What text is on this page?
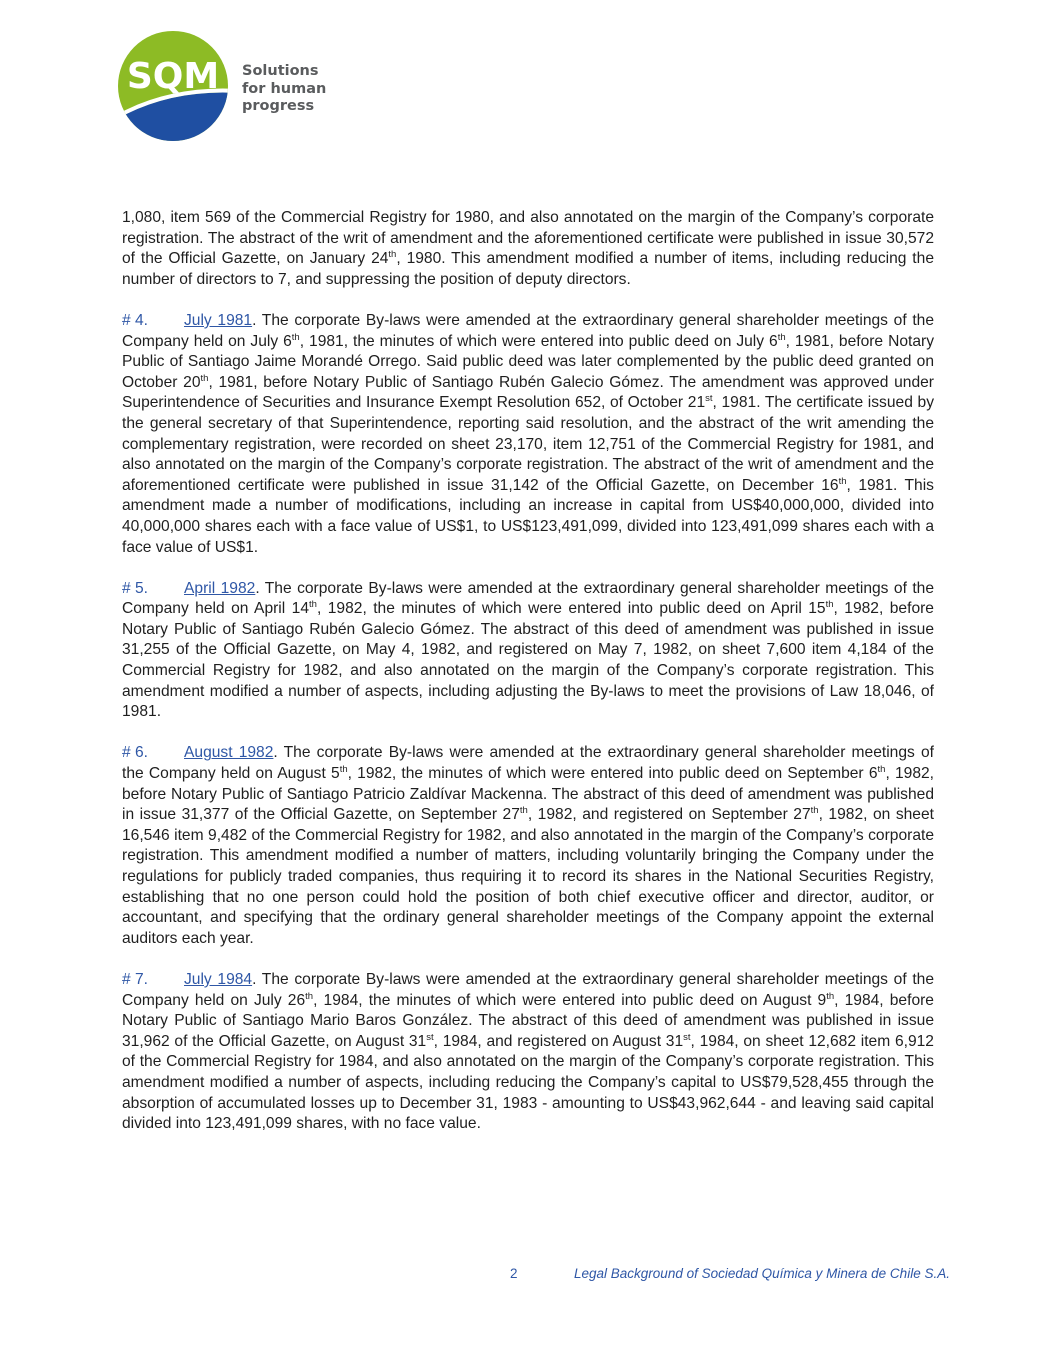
SQM Solutions
for human
progress

1,080, item 569 of the Commercial Registry for 1980, and also annotated on the margin of the Company’s corporate registration. The abstract of the writ of amendment and the aforementioned certificate were published in issue 30,572 of the Official Gazette, on January 24th, 1980. This amendment modified a number of items, including reducing the number of directors to 7, and suppressing the position of deputy directors.

# 4. July 1981. The corporate By-laws were amended at the extraordinary general shareholder meetings of the Company held on July 6th, 1981, the minutes of which were entered into public deed on July 6th, 1981, before Notary Public of Santiago Jaime Morandé Orrego. Said public deed was later complemented by the public deed granted on October 20th, 1981, before Notary Public of Santiago Rubén Galecio Gómez. The amendment was approved under Superintendence of Securities and Insurance Exempt Resolution 652, of October 21st, 1981. The certificate issued by the general secretary of that Superintendence, reporting said resolution, and the abstract of the writ amending the complementary registration, were recorded on sheet 23,170, item 12,751 of the Commercial Registry for 1981, and also annotated on the margin of the Company’s corporate registration. The abstract of the writ of amendment and the aforementioned certificate were published in issue 31,142 of the Official Gazette, on December 16th, 1981. This amendment made a number of modifications, including an increase in capital from US$40,000,000, divided into 40,000,000 shares each with a face value of US$1, to US$123,491,099, divided into 123,491,099 shares each with a face value of US$1.

# 5. April 1982. The corporate By-laws were amended at the extraordinary general shareholder meetings of the Company held on April 14th, 1982, the minutes of which were entered into public deed on April 15th, 1982, before Notary Public of Santiago Rubén Galecio Gómez. The abstract of this deed of amendment was published in issue 31,255 of the Official Gazette, on May 4, 1982, and registered on May 7, 1982, on sheet 7,600 item 4,184 of the Commercial Registry for 1982, and also annotated on the margin of the Company’s corporate registration. This amendment modified a number of aspects, including adjusting the By-laws to meet the provisions of Law 18,046, of 1981.

# 6. August 1982. The corporate By-laws were amended at the extraordinary general shareholder meetings of the Company held on August 5th, 1982, the minutes of which were entered into public deed on September 6th, 1982, before Notary Public of Santiago Patricio Zaldívar Mackenna. The abstract of this deed of amendment was published in issue 31,377 of the Official Gazette, on September 27th, 1982, and registered on September 27th, 1982, on sheet 16,546 item 9,482 of the Commercial Registry for 1982, and also annotated in the margin of the Company’s corporate registration. This amendment modified a number of matters, including voluntarily bringing the Company under the regulations for publicly traded companies, thus requiring it to record its shares in the National Securities Registry, establishing that no one person could hold the position of both chief executive officer and director, auditor, or accountant, and specifying that the ordinary general shareholder meetings of the Company appoint the external auditors each year.

# 7. July 1984. The corporate By-laws were amended at the extraordinary general shareholder meetings of the Company held on July 26th, 1984, the minutes of which were entered into public deed on August 9th, 1984, before Notary Public of Santiago Mario Baros González. The abstract of this deed of amendment was published in issue 31,962 of the Official Gazette, on August 31st, 1984, and registered on August 31st, 1984, on sheet 12,682 item 6,912 of the Commercial Registry for 1984, and also annotated on the margin of the Company’s corporate registration. This amendment modified a number of aspects, including reducing the Company’s capital to US$79,528,455 through the absorption of accumulated losses up to December 31, 1983 - amounting to US$43,962,644 - and leaving said capital divided into 123,491,099 shares, with no face value.

2	Legal Background of Sociedad Química y Minera de Chile S.A.
